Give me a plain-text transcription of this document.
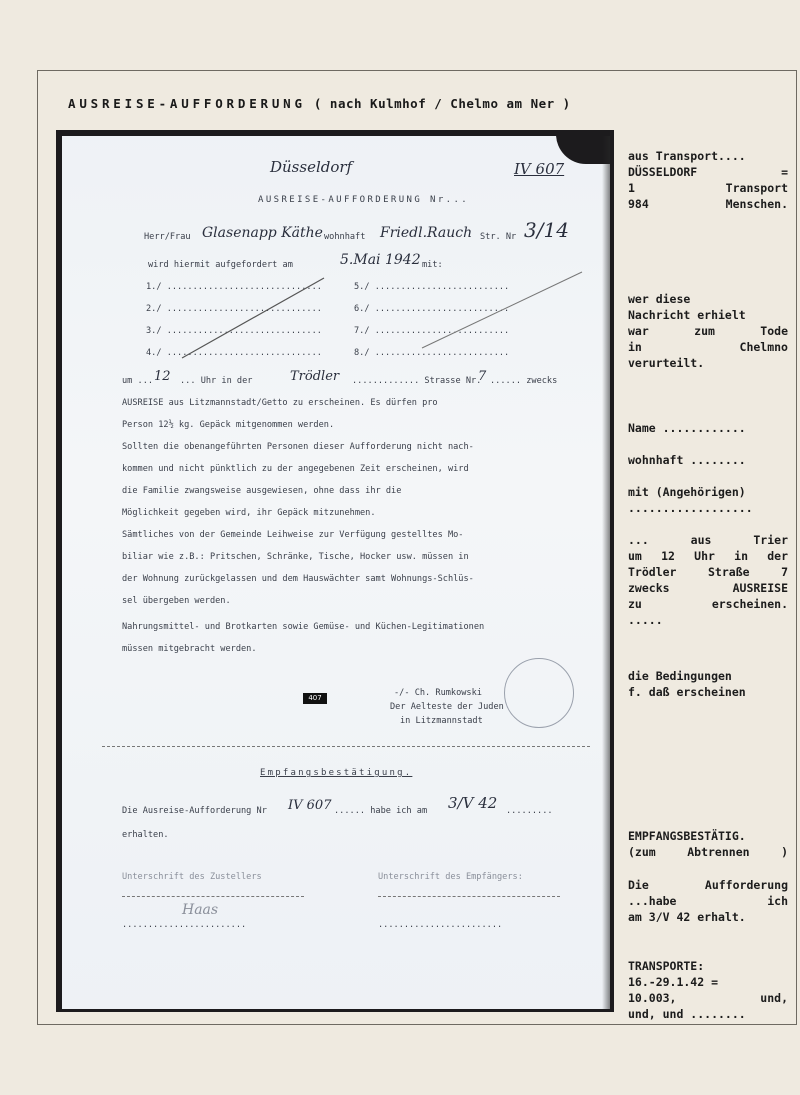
AUSREISE-AUFFORDERUNG ( nach Kulmhof / Chelmo am Ner )
Düsseldorf	IV 607
AUSREISE-AUFFORDERUNG Nr...
Herr/Frau Glasenapp Käthe wohnhaft Friedl.Rauch Str. Nr 3/14
wird hiermit aufgefordert am	5.Mai 1942 mit:
1./ ..............................
2./ ..............................
3./ ..............................
4./ ..............................
5./ ..........................
6./ ..........................
7./ ..........................
8./ ..........................
um ... 12 ... Uhr in der	Trödler ............. Strasse Nr.
7 ...... zwecks
AUSREISE aus Litzmannstadt/Getto zu erscheinen. Es dürfen pro
Person 12½ kg. Gepäck mitgenommen werden.
Sollten die obenangeführten Personen dieser Aufforderung nicht nach-
kommen und nicht pünktlich zu der angegebenen Zeit erscheinen, wird
die Familie zwangsweise ausgewiesen, ohne dass ihr die
Möglichkeit gegeben wird, ihr Gepäck mitzunehmen.
Sämtliches von der Gemeinde Leihweise zur Verfügung gestelltes Mo-
biliar wie z.B.: Pritschen, Schränke, Tische, Hocker usw. müssen in
der Wohnung zurückgelassen und dem Hauswächter samt Wohnungs-Schlüs-
sel übergeben werden.
Nahrungsmittel- und Brotkarten sowie Gemüse- und Küchen-Legitimationen
müssen mitgebracht werden.
407	-/- Ch. Rumkowski
Der Aelteste der Juden
in Litzmannstadt
Empfangsbestätigung.
Die Ausreise-Aufforderung Nr IV 607 ...... habe ich am 3/V 42 .........
erhalten.
Unterschrift des Zustellers	Unterschrift des Empfängers:
Haas
........................	........................
aus Transport....
DÜSSELDORF =
1 Transport
984 Menschen.
wer diese
Nachricht erhielt
war zum Tode
in Chelmno
verurteilt.
Name ............
wohnhaft ........
mit (Angehörigen)
..................
... aus Trier
um 12 Uhr in der
Trödler Straße 7
zwecks AUSREISE
zu erscheinen.
.....
die Bedingungen
f. daß erscheinen
EMPFANGSBESTÄTIG.
(zum Abtrennen )
Die Aufforderung
...habe ich
am 3/V 42 erhalt.
TRANSPORTE:
16.-29.1.42 =
10.003, und,
und, und ........
